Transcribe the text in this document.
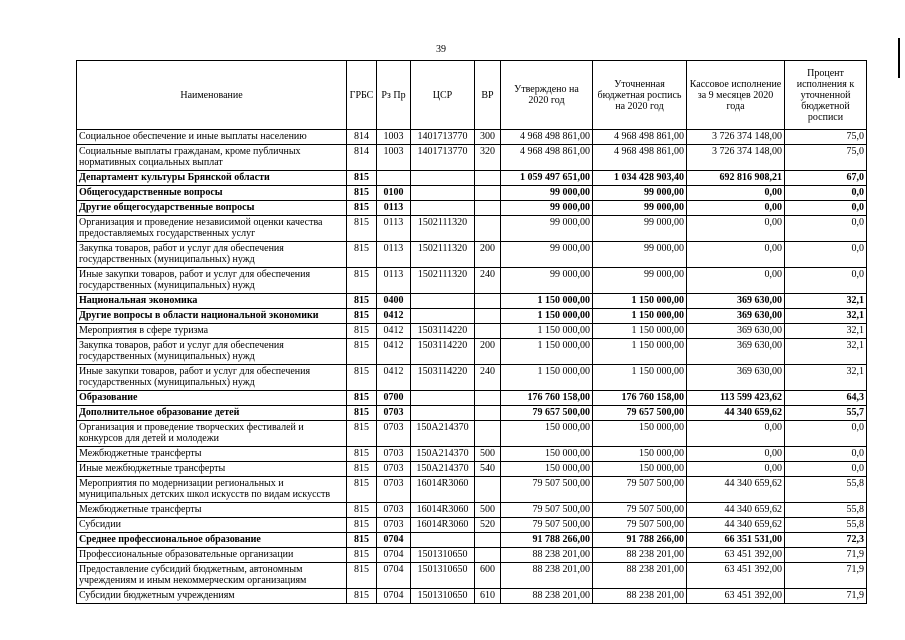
39
Наименование	ГРБС	Рз Пр	ЦСР	ВР	Утверждено на 2020 год	Уточненная бюджетная роспись на 2020 год	Кассовое исполнение за 9 месяцев 2020 года	Процент исполнения к уточненной бюджетной росписи
Социальное обеспечение и иные выплаты населению	814	1003	1401713770	300	4 968 498 861,00	4 968 498 861,00	3 726 374 148,00	75,0
Социальные выплаты гражданам, кроме публичных нормативных социальных выплат	814	1003	1401713770	320	4 968 498 861,00	4 968 498 861,00	3 726 374 148,00	75,0
Департамент культуры Брянской области	815				1 059 497 651,00	1 034 428 903,40	692 816 908,21	67,0
Общегосударственные вопросы	815	0100			99 000,00	99 000,00	0,00	0,0
Другие общегосударственные вопросы	815	0113			99 000,00	99 000,00	0,00	0,0
Организация и проведение независимой оценки качества предоставляемых государственных услуг	815	0113	1502111320		99 000,00	99 000,00	0,00	0,0
Закупка товаров, работ и услуг для обеспечения государственных (муниципальных) нужд	815	0113	1502111320	200	99 000,00	99 000,00	0,00	0,0
Иные закупки товаров, работ и услуг для обеспечения государственных (муниципальных) нужд	815	0113	1502111320	240	99 000,00	99 000,00	0,00	0,0
Национальная экономика	815	0400			1 150 000,00	1 150 000,00	369 630,00	32,1
Другие вопросы в области национальной экономики	815	0412			1 150 000,00	1 150 000,00	369 630,00	32,1
Мероприятия в сфере туризма	815	0412	1503114220		1 150 000,00	1 150 000,00	369 630,00	32,1
Закупка товаров, работ и услуг для обеспечения государственных (муниципальных) нужд	815	0412	1503114220	200	1 150 000,00	1 150 000,00	369 630,00	32,1
Иные закупки товаров, работ и услуг для обеспечения государственных (муниципальных) нужд	815	0412	1503114220	240	1 150 000,00	1 150 000,00	369 630,00	32,1
Образование	815	0700			176 760 158,00	176 760 158,00	113 599 423,62	64,3
Дополнительное образование детей	815	0703			79 657 500,00	79 657 500,00	44 340 659,62	55,7
Организация и проведение творческих фестивалей и конкурсов для детей и молодежи	815	0703	150А214370		150 000,00	150 000,00	0,00	0,0
Межбюджетные трансферты	815	0703	150А214370	500	150 000,00	150 000,00	0,00	0,0
Иные межбюджетные трансферты	815	0703	150А214370	540	150 000,00	150 000,00	0,00	0,0
Мероприятия по модернизации региональных и муниципальных детских школ искусств по видам искусств	815	0703	16014R3060		79 507 500,00	79 507 500,00	44 340 659,62	55,8
Межбюджетные трансферты	815	0703	16014R3060	500	79 507 500,00	79 507 500,00	44 340 659,62	55,8
Субсидии	815	0703	16014R3060	520	79 507 500,00	79 507 500,00	44 340 659,62	55,8
Среднее профессиональное образование	815	0704			91 788 266,00	91 788 266,00	66 351 531,00	72,3
Профессиональные образовательные организации	815	0704	1501310650		88 238 201,00	88 238 201,00	63 451 392,00	71,9
Предоставление субсидий бюджетным, автономным учреждениям и иным некоммерческим организациям	815	0704	1501310650	600	88 238 201,00	88 238 201,00	63 451 392,00	71,9
Субсидии бюджетным учреждениям	815	0704	1501310650	610	88 238 201,00	88 238 201,00	63 451 392,00	71,9
